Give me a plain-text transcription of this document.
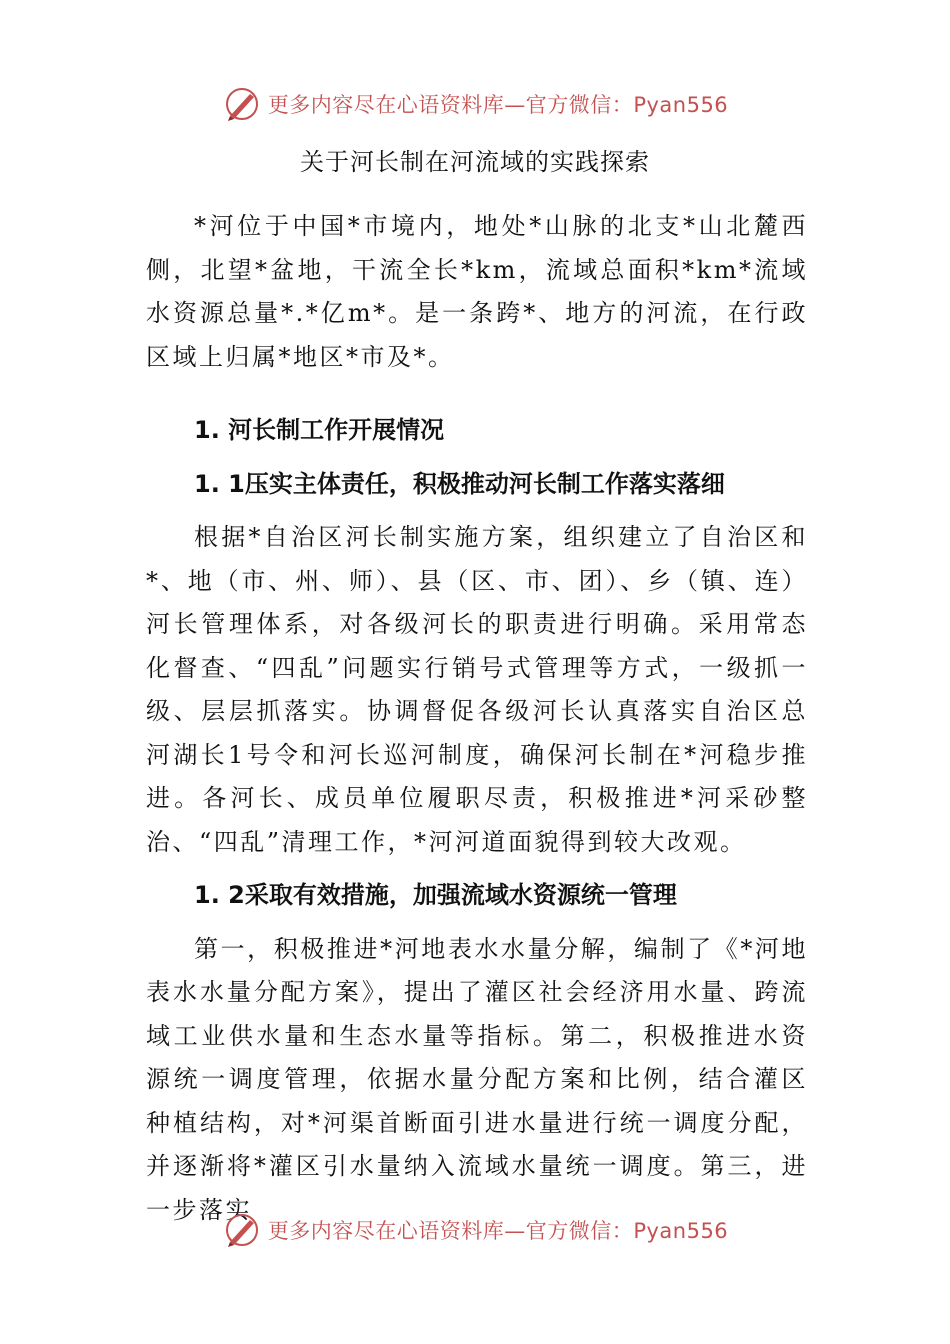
更多内容尽在心语资料库—官方微信：Pyan556
关于河长制在河流域的实践探索

*河位于中国*市境内，地处*山脉的北支*山北麓西侧，北望*盆地，干流全长*km，流域总面积*km*流域水资源总量*.*亿m*。是一条跨*、地方的河流，在行政区域上归属*地区*市及*。

1. 河长制工作开展情况

1. 1压实主体责任，积极推动河长制工作落实落细

根据*自治区河长制实施方案，组织建立了自治区和*、地（市、州、师）、县（区、市、团）、乡（镇、连）河长管理体系，对各级河长的职责进行明确。采用常态化督查、“四乱”问题实行销号式管理等方式，一级抓一级、层层抓落实。协调督促各级河长认真落实自治区总河湖长1号令和河长巡河制度，确保河长制在*河稳步推进。各河长、成员单位履职尽责，积极推进*河采砂整治、“四乱”清理工作，*河河道面貌得到较大改观。

1. 2采取有效措施，加强流域水资源统一管理

第一，积极推进*河地表水水量分解，编制了《*河地表水水量分配方案》，提出了灌区社会经济用水量、跨流域工业供水量和生态水量等指标。第二，积极推进水资源统一调度管理，依据水量分配方案和比例，结合灌区种植结构，对*河渠首断面引进水量进行统一调度分配，并逐渐将*灌区引水量纳入流域水量统一调度。第三，进一步落实

更多内容尽在心语资料库—官方微信：Pyan556
